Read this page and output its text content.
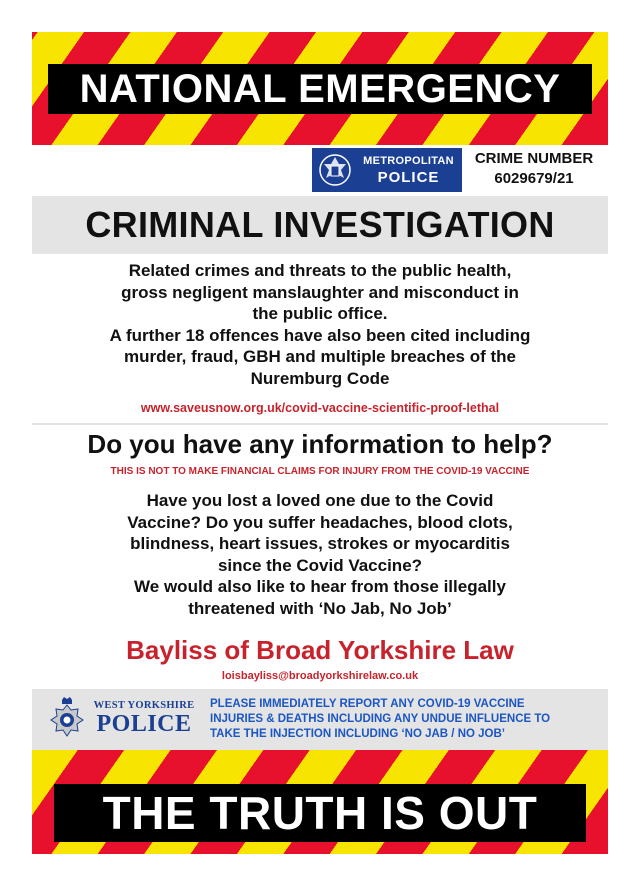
NATIONAL EMERGENCY
METROPOLITAN
POLICE
CRIME NUMBER
6029679/21
CRIMINAL INVESTIGATION
Related crimes and threats to the public health,
gross negligent manslaughter and misconduct in
the public office.
A further 18 offences have also been cited including
murder, fraud, GBH and multiple breaches of the
Nuremburg Code
www.saveusnow.org.uk/covid-vaccine-scientific-proof-lethal
Do you have any information to help?
THIS IS NOT TO MAKE FINANCIAL CLAIMS FOR INJURY FROM THE COVID-19 VACCINE
Have you lost a loved one due to the Covid
Vaccine? Do you suffer headaches, blood clots,
blindness, heart issues, strokes or myocarditis
since the Covid Vaccine?
We would also like to hear from those illegally
threatened with ‘No Jab, No Job’
Bayliss of Broad Yorkshire Law
loisbayliss@broadyorkshirelaw.co.uk
WEST YORKSHIRE
POLICE
PLEASE IMMEDIATELY REPORT ANY COVID-19 VACCINE
INJURIES & DEATHS INCLUDING ANY UNDUE INFLUENCE TO
TAKE THE INJECTION INCLUDING ‘NO JAB / NO JOB’
THE TRUTH IS OUT
